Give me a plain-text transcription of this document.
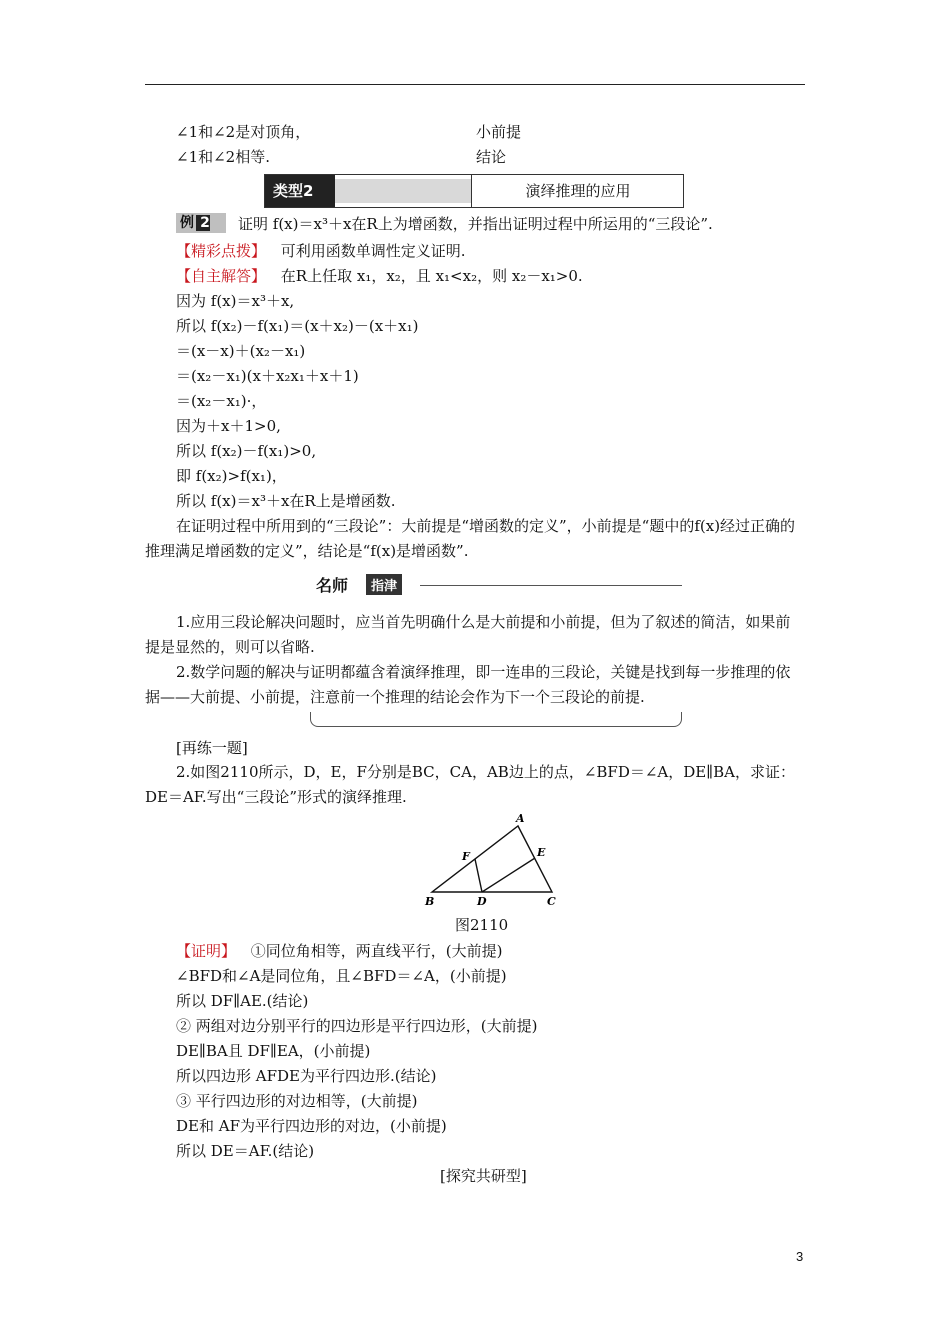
∠1和∠2是对顶角，	小前提
∠1和∠2相等.	结论
类型2	演绎推理的应用
例 2	证明 f(x)＝x³＋x在R上为增函数，并指出证明过程中所运用的“三段论”.
【精彩点拨】 可利用函数单调性定义证明.
【自主解答】 在R上任取 x₁，x₂，且 x₁<x₂，则 x₂－x₁>0.
因为 f(x)＝x³＋x,
所以 f(x₂)－f(x₁)＝(x＋x₂)－(x＋x₁)
＝(x－x)＋(x₂－x₁)
＝(x₂－x₁)(x＋x₂x₁＋x＋1)
＝(x₂－x₁)·，
因为＋x＋1>0,
所以 f(x₂)－f(x₁)>0,
即 f(x₂)>f(x₁)，
所以 f(x)＝x³＋x在R上是增函数.
在证明过程中所用到的“三段论”：大前提是“增函数的定义”，小前提是“题中的f(x)经过正确的推理满足增函数的定义”，结论是“f(x)是增函数”.
名师	指津
1.应用三段论解决问题时，应当首先明确什么是大前提和小前提，但为了叙述的简洁，如果前提是显然的，则可以省略.
2.数学问题的解决与证明都蕴含着演绎推理，即一连串的三段论，关键是找到每一步推理的依据——大前提、小前提，注意前一个推理的结论会作为下一个三段论的前提.
[再练一题]
2.如图2110所示，D，E，F分别是BC，CA，AB边上的点，∠BFD＝∠A，DE∥BA，求证：DE＝AF.写出“三段论”形式的演绎推理.
A
B	C
D
E
F
图2110
【证明】 ①同位角相等，两直线平行，(大前提)
∠BFD和∠A是同位角，且∠BFD＝∠A，(小前提)
所以 DF∥AE.(结论)
② 两组对边分别平行的四边形是平行四边形，(大前提)
DE∥BA且 DF∥EA，(小前提)
所以四边形 AFDE为平行四边形.(结论)
③ 平行四边形的对边相等，(大前提)
DE和 AF为平行四边形的对边，(小前提)
所以 DE＝AF.(结论)
[探究共研型]
3
